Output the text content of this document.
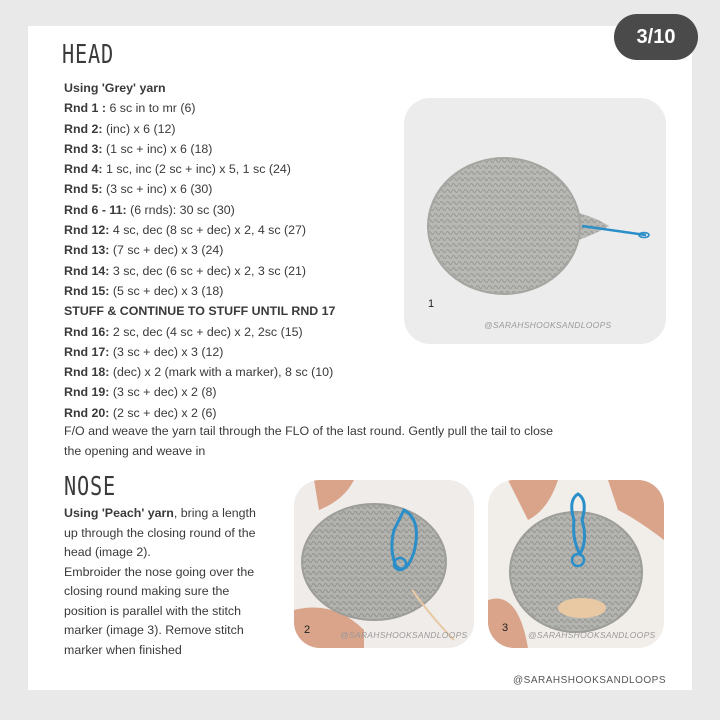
HEAD
Using 'Grey' yarn
Rnd 1 : 6 sc in to mr (6)
Rnd 2: (inc) x 6 (12)
Rnd 3: (1 sc + inc) x 6 (18)
Rnd 4: 1 sc, inc (2 sc + inc) x 5, 1 sc (24)
Rnd 5: (3 sc + inc) x 6 (30)
Rnd 6 - 11: (6 rnds): 30 sc (30)
Rnd 12: 4 sc, dec (8 sc + dec) x 2, 4 sc (27)
Rnd 13: (7 sc + dec) x 3 (24)
Rnd 14: 3 sc, dec (6 sc + dec) x 2, 3 sc (21)
Rnd 15: (5 sc + dec) x 3 (18)
STUFF & CONTINUE TO STUFF UNTIL RND 17
Rnd 16: 2 sc, dec (4 sc + dec) x 2, 2sc (15)
Rnd 17: (3 sc + dec) x 3 (12)
Rnd 18: (dec) x 2 (mark with a marker), 8 sc (10)
Rnd 19: (3 sc + dec) x 2 (8)
Rnd 20: (2 sc + dec) x 2 (6)
F/O and weave the yarn tail through the FLO of the last round. Gently pull the tail to close
the opening and weave in
1
@SARAHSHOOKSANDLOOPS
NOSE
Using 'Peach' yarn, bring a length
up through the closing round of the
head (image 2).
Embroider the nose going over the
closing round making sure the
position is parallel with the stitch
marker (image 3). Remove stitch
marker when finished
2	@SARAHSHOOKSANDLOOPS
3
@SARAHSHOOKSANDLOOPS
@SARAHSHOOKSANDLOOPS
3/10
